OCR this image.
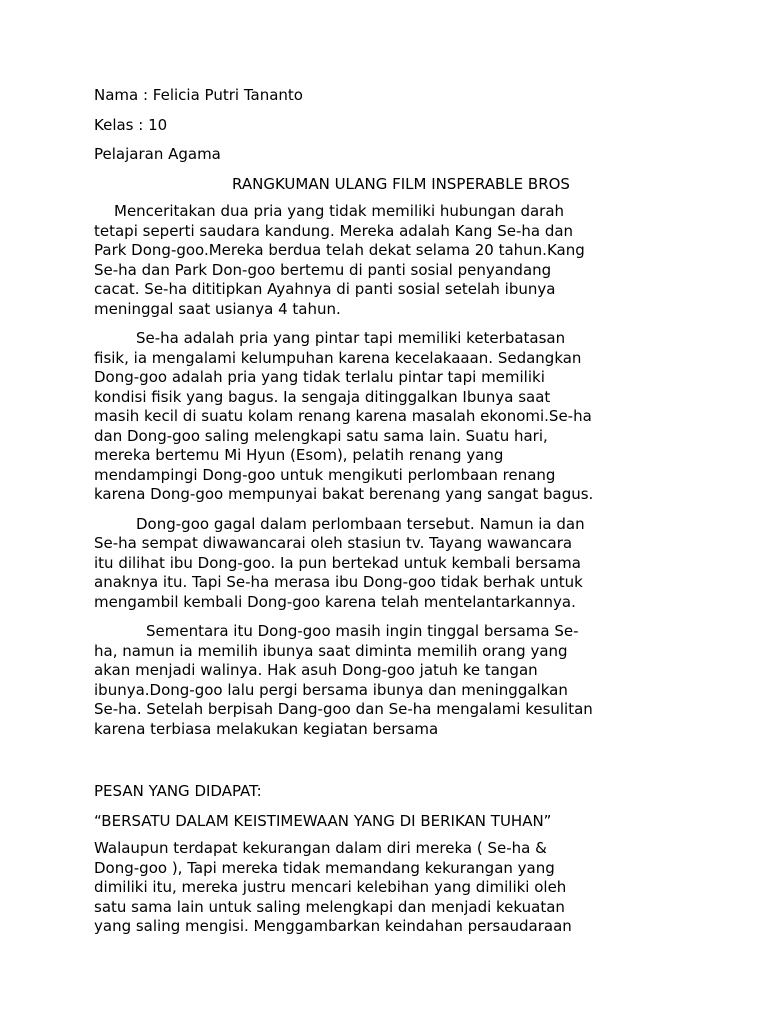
Nama : Felicia Putri Tananto
Kelas : 10
Pelajaran Agama
RANGKUMAN ULANG FILM INSPERABLE BROS
Menceritakan dua pria yang tidak memiliki hubungan darah
tetapi seperti saudara kandung. Mereka adalah Kang Se-ha dan
Park Dong-goo.Mereka berdua telah dekat selama 20 tahun.Kang
Se-ha dan Park Don-goo bertemu di panti sosial penyandang
cacat. Se-ha dititipkan Ayahnya di panti sosial setelah ibunya
meninggal saat usianya 4 tahun.
Se-ha adalah pria yang pintar tapi memiliki keterbatasan
fisik, ia mengalami kelumpuhan karena kecelakaaan. Sedangkan
Dong-goo adalah pria yang tidak terlalu pintar tapi memiliki
kondisi fisik yang bagus. Ia sengaja ditinggalkan Ibunya saat
masih kecil di suatu kolam renang karena masalah ekonomi.Se-ha
dan Dong-goo saling melengkapi satu sama lain. Suatu hari,
mereka bertemu Mi Hyun (Esom), pelatih renang yang
mendampingi Dong-goo untuk mengikuti perlombaan renang
karena Dong-goo mempunyai bakat berenang yang sangat bagus.
Dong-goo gagal dalam perlombaan tersebut. Namun ia dan
Se-ha sempat diwawancarai oleh stasiun tv. Tayang wawancara
itu dilihat ibu Dong-goo. Ia pun bertekad untuk kembali bersama
anaknya itu. Tapi Se-ha merasa ibu Dong-goo tidak berhak untuk
mengambil kembali Dong-goo karena telah mentelantarkannya.
Sementara itu Dong-goo masih ingin tinggal bersama Se-
ha, namun ia memilih ibunya saat diminta memilih orang yang
akan menjadi walinya. Hak asuh Dong-goo jatuh ke tangan
ibunya.Dong-goo lalu pergi bersama ibunya dan meninggalkan
Se-ha. Setelah berpisah Dang-goo dan Se-ha mengalami kesulitan
karena terbiasa melakukan kegiatan bersama
PESAN YANG DIDAPAT:
“BERSATU DALAM KEISTIMEWAAN YANG DI BERIKAN TUHAN”
Walaupun terdapat kekurangan dalam diri mereka ( Se-ha &
Dong-goo ), Tapi mereka tidak memandang kekurangan yang
dimiliki itu, mereka justru mencari kelebihan yang dimiliki oleh
satu sama lain untuk saling melengkapi dan menjadi kekuatan
yang saling mengisi. Menggambarkan keindahan persaudaraan
